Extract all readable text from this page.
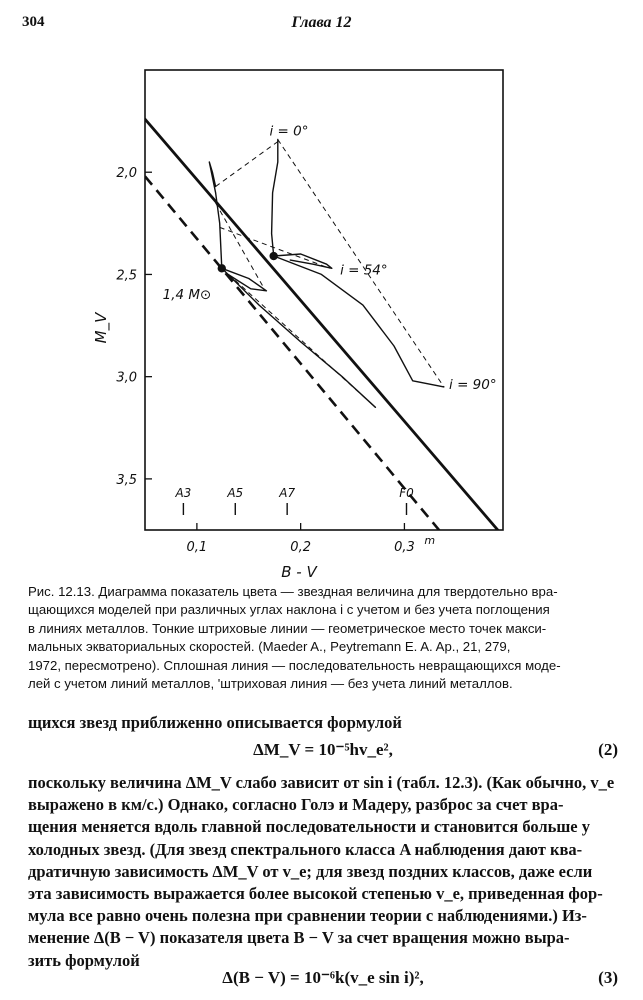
304	Глава 12
2,0
2,5
3,0
3,5
0,1	0,2	0,3 m
B - V
M_V
A3	A5	A7	F0
i = 0°
i = 54°
i = 90°
1,4 M⊙
Рис. 12.13. Диаграмма показатель цвета — звездная величина для твердотельно вра-
щающихся моделей при различных углах наклона i с учетом и без учета поглощения
в линиях металлов. Тонкие штриховые линии — геометрическое место точек макси-
мальных экваториальных скоростей. (Maeder A., Peytremann E. A. Ap., 21, 279,
1972, пересмотрено). Сплошная линия — последовательность невращающихся моде-
лей с учетом линий металлов, 'штриховая линия — без учета линий металлов.
щихся звезд приближенно описывается формулой
ΔM_V = 10⁻⁵hv_e²,	(2)
поскольку величина ΔM_V слабо зависит от sin i (табл. 12.3). (Как обычно, v_e
выражено в км/с.) Однако, согласно Голэ и Мадеру, разброс за счет вра-
щения меняется вдоль главной последовательности и становится больше у
холодных звезд. (Для звезд спектрального класса A наблюдения дают ква-
дратичную зависимость ΔM_V от v_e; для звезд поздних классов, даже если
эта зависимость выражается более высокой степенью v_e, приведенная фор-
мула все равно очень полезна при сравнении теории с наблюдениями.) Из-
менение Δ(B − V) показателя цвета B − V за счет вращения можно выра-
зить формулой
Δ(B − V) = 10⁻⁶k(v_e sin i)²,	(3)
